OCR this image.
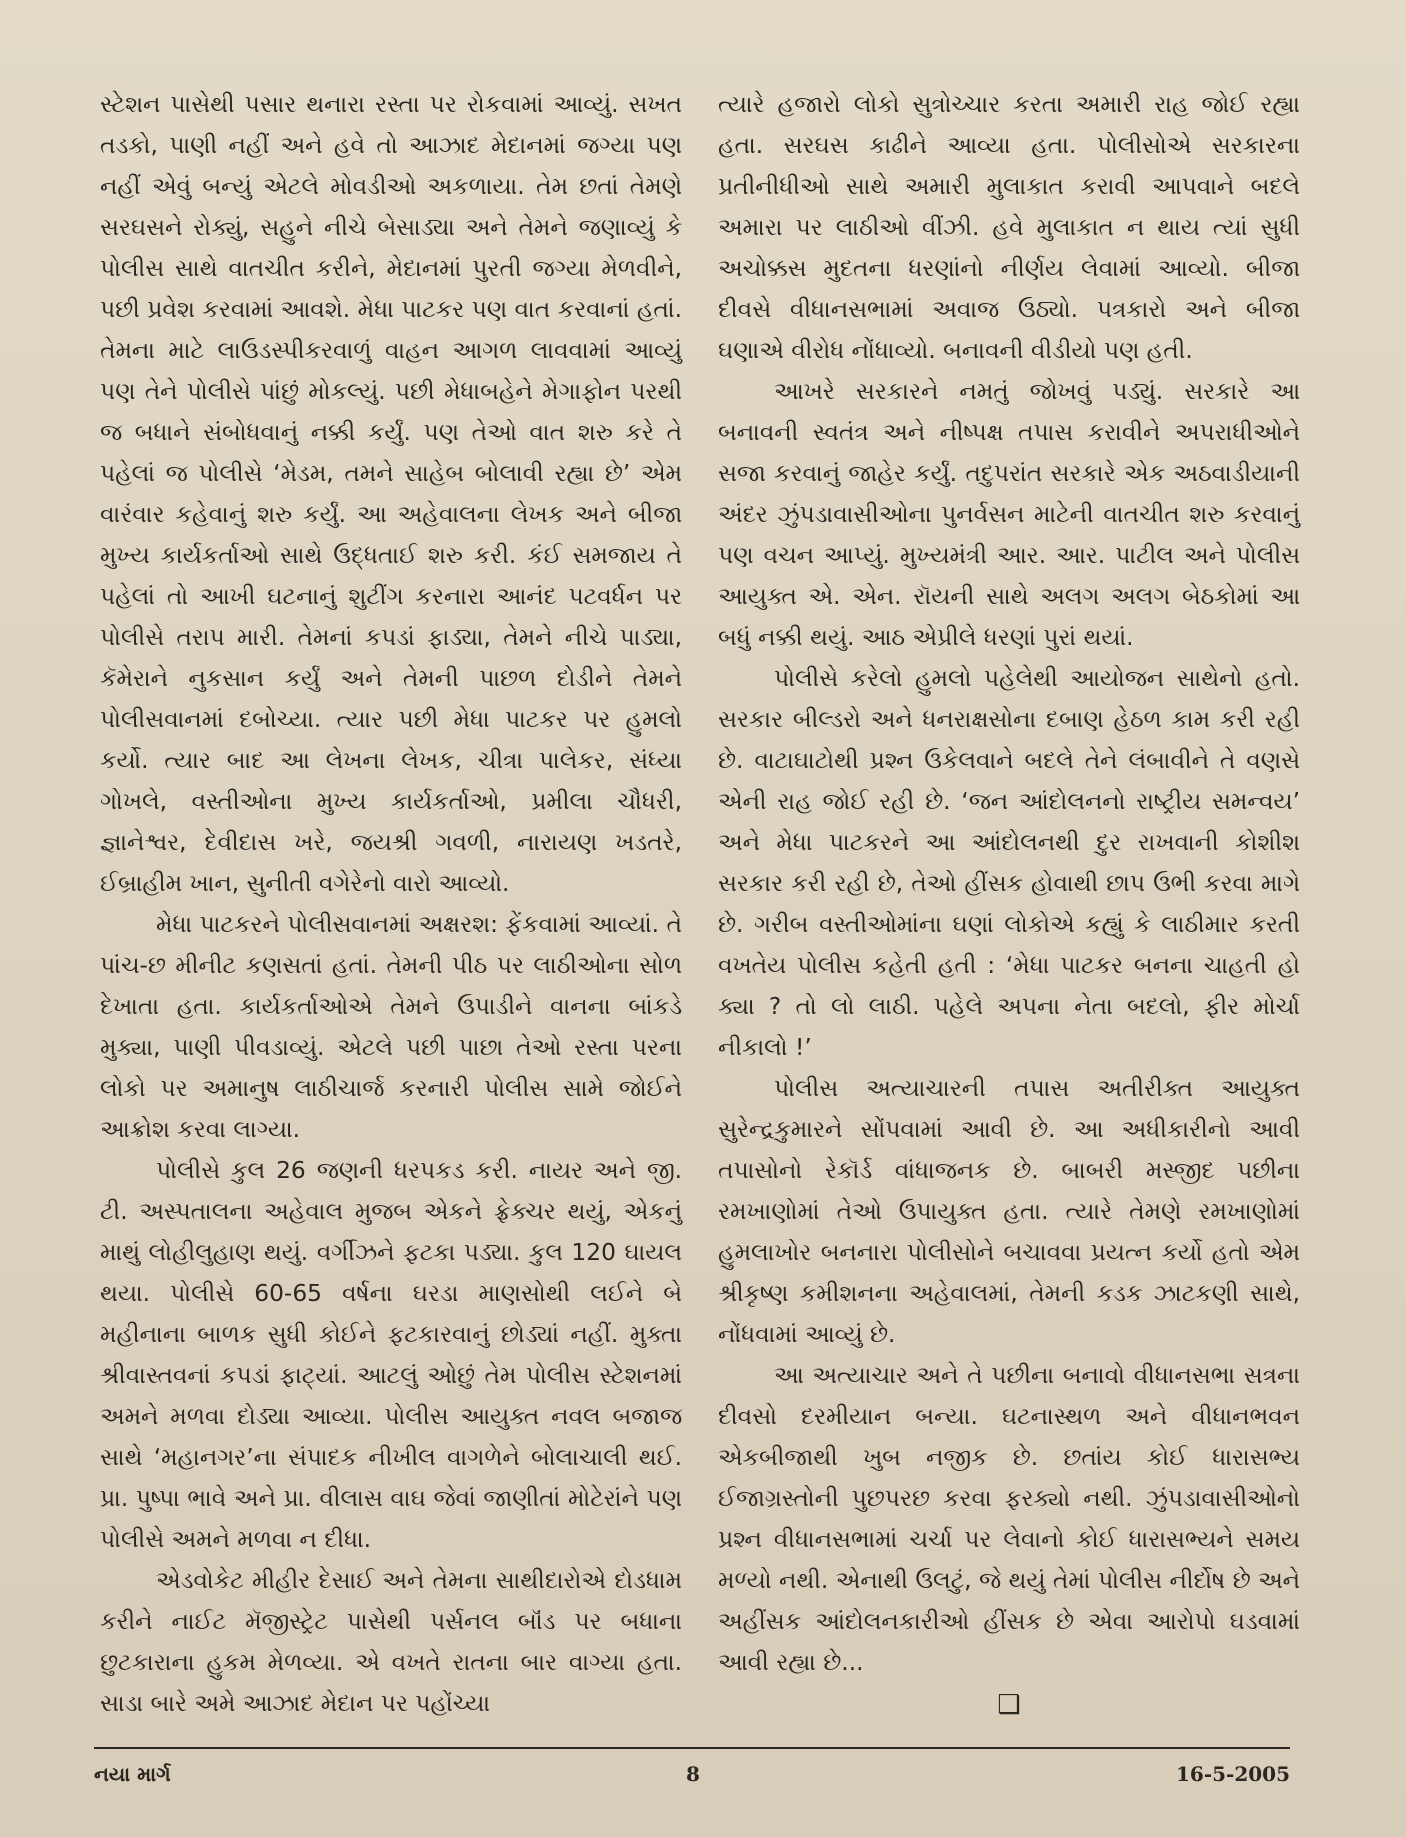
સ્ટેશન પાસેથી પસાર થનારા રસ્તા પર રોકવામાં આવ્યું. સખત તડકો, પાણી નહીં અને હવે તો આઝાદ મેદાનમાં જગ્યા પણ નહીં એવું બન્યું એટલે મોવડીઓ અકળાયા. તેમ છતાં તેમણે સરઘસને રોક્યું, સહુને નીચે બેસાડ્યા અને તેમને જણાવ્યું કે પોલીસ સાથે વાતચીત કરીને, મેદાનમાં પુરતી જગ્યા મેળવીને, પછી પ્રવેશ કરવામાં આવશે. મેધા પાટકર પણ વાત કરવાનાં હતાં. તેમના માટે લાઉડસ્પીકરવાળું વાહન આગળ લાવવામાં આવ્યું પણ તેને પોલીસે પાંછું મોકલ્યું. પછી મેધાબહેને મેગાફોન પરથી જ બધાને સંબોધવાનું નક્કી કર્યું. પણ તેઓ વાત શરુ કરે તે પહેલાં જ પોલીસે ‘મેડમ, તમને સાહેબ બોલાવી રહ્યા છે’ એમ વારંવાર કહેવાનું શરુ કર્યું. આ અહેવાલના લેખક અને બીજા મુખ્ય કાર્યકર્તાઓ સાથે ઉદ્ધતાઈ શરુ કરી. કંઈ સમજાય તે પહેલાં તો આખી ઘટનાનું શુટીંગ કરનારા આનંદ પટવર્ધન પર પોલીસે તરાપ મારી. તેમનાં કપડાં ફાડ્યા, તેમને નીચે પાડ્યા, કૅમેરાને નુકસાન કર્યું અને તેમની પાછળ દોડીને તેમને પોલીસવાનમાં દબોચ્યા. ત્યાર પછી મેધા પાટકર પર હુમલો કર્યો. ત્યાર બાદ આ લેખના લેખક, ચીત્રા પાલેકર, સંધ્યા ગોખલે, વસ્તીઓના મુખ્ય કાર્યકર્તાઓ, પ્રમીલા ચૌધરી, જ્ઞાનેશ્વર, દેવીદાસ ખરે, જયશ્રી ગવળી, નારાયણ ખડતરે, ઈબ્રાહીમ ખાન, સુનીતી વગેરેનો વારો આવ્યો.

મેધા પાટકરને પોલીસવાનમાં અક્ષરશ: ફેંકવામાં આવ્યાં. તે પાંચ-છ મીનીટ કણસતાં હતાં. તેમની પીઠ પર લાઠીઓના સોળ દેખાતા હતા. કાર્યકર્તાઓએ તેમને ઉપાડીને વાનના બાંકડે મુક્યા, પાણી પીવડાવ્યું. એટલે પછી પાછા તેઓ રસ્તા પરના લોકો પર અમાનુષ લાઠીચાર્જ કરનારી પોલીસ સામે જોઈને આક્રોશ કરવા લાગ્યા.

પોલીસે કુલ 26 જણની ધરપકડ કરી. નાયર અને જી. ટી. અસ્પતાલના અહેવાલ મુજબ એકને ફ્રેક્ચર થયું, એકનું માથું લોહીલુહાણ થયું. વર્ગીઝને ફટકા પડ્યા. કુલ 120 ઘાયલ થયા. પોલીસે 60-65 વર્ષના ઘરડા માણસોથી લઈને બે મહીનાના બાળક સુધી કોઈને ફટકારવાનું છોડ્યાં નહીં. મુક્તા શ્રીવાસ્તવનાં કપડાં ફાટ્યાં. આટલું ઓછું તેમ પોલીસ સ્ટેશનમાં અમને મળવા દોડ્યા આવ્યા. પોલીસ આયુક્ત નવલ બજાજ સાથે ‘મહાનગર’ના સંપાદક નીખીલ વાગળેને બોલાચાલી થઈ. પ્રા. પુષ્પા ભાવે અને પ્રા. વીલાસ વાઘ જેવાં જાણીતાં મોટેરાંને પણ પોલીસે અમને મળવા ન દીધા.

એડવોકેટ મીહીર દેસાઈ અને તેમના સાથીદારોએ દોડધામ કરીને નાઈટ મૅજીસ્ટ્રેટ પાસેથી પર્સનલ બૉંડ પર બધાના છુટકારાના હુકમ મેળવ્યા. એ વખતે રાતના બાર વાગ્યા હતા. સાડા બારે અમે આઝાદ મેદાન પર પહોંચ્યા

ત્યારે હજારો લોકો સુત્રોચ્ચાર કરતા અમારી રાહ જોઈ રહ્યા હતા. સરઘસ કાઢીને આવ્યા હતા. પોલીસોએ સરકારના પ્રતીનીધીઓ સાથે અમારી મુલાકાત કરાવી આપવાને બદલે અમારા પર લાઠીઓ વીંઝી. હવે મુલાકાત ન થાય ત્યાં સુધી અચોક્કસ મુદતના ધરણાંનો નીર્ણય લેવામાં આવ્યો. બીજા દીવસે વીધાનસભામાં અવાજ ઉઠ્યો. પત્રકારો અને બીજા ઘણાએ વીરોધ નોંધાવ્યો. બનાવની વીડીયો પણ હતી.

આખરે સરકારને નમતું જોખવું પડ્યું. સરકારે આ બનાવની સ્વતંત્ર અને નીષ્પક્ષ તપાસ કરાવીને અપરાધીઓને સજા કરવાનું જાહેર કર્યું. તદુપરાંત સરકારે એક અઠવાડીયાની અંદર ઝુંપડાવાસીઓના પુનર્વસન માટેની વાતચીત શરુ કરવાનું પણ વચન આપ્યું. મુખ્યમંત્રી આર. આર. પાટીલ અને પોલીસ આયુક્ત એ. એન. રૉયની સાથે અલગ અલગ બેઠકોમાં આ બધું નક્કી થયું. આઠ એપ્રીલે ધરણાં પુરાં થયાં.

પોલીસે કરેલો હુમલો પહેલેથી આયોજન સાથેનો હતો. સરકાર બીલ્ડરો અને ધનરાક્ષસોના દબાણ હેઠળ કામ કરી રહી છે. વાટાઘાટોથી પ્રશ્ન ઉકેલવાને બદલે તેને લંબાવીને તે વણસે એની રાહ જોઈ રહી છે. ‘જન આંદોલનનો રાષ્ટ્રીય સમન્વય’ અને મેધા પાટકરને આ આંદોલનથી દુર રાખવાની કોશીશ સરકાર કરી રહી છે, તેઓ હીંસક હોવાથી છાપ ઉભી કરવા માગે છે. ગરીબ વસ્તીઓમાંના ઘણાં લોકોએ કહ્યું કે લાઠીમાર કરતી વખતેય પોલીસ કહેતી હતી : ‘મેધા પાટકર બનના ચાહતી હો ક્યા ? તો લો લાઠી. પહેલે અપના નેતા બદલો, ફીર મોર્ચા નીકાલો !’

પોલીસ અત્યાચારની તપાસ અતીરીક્ત આયુક્ત સુરેન્દ્રકુમારને સોંપવામાં આવી છે. આ અધીકારીનો આવી તપાસોનો રેકૉર્ડ વાંધાજનક છે. બાબરી મસ્જીદ પછીના રમખાણોમાં તેઓ ઉપાયુક્ત હતા. ત્યારે તેમણે રમખાણોમાં હુમલાખોર બનનારા પોલીસોને બચાવવા પ્રયત્ન કર્યો હતો એમ શ્રીકૃષ્ણ કમીશનના અહેવાલમાં, તેમની કડક ઝાટકણી સાથે, નોંધવામાં આવ્યું છે.

આ અત્યાચાર અને તે પછીના બનાવો વીધાનસભા સત્રના દીવસો દરમીયાન બન્યા. ઘટનાસ્થળ અને વીધાનભવન એકબીજાથી ખુબ નજીક છે. છતાંય કોઈ ધારાસભ્ય ઈજાગ્રસ્તોની પુછપરછ કરવા ફરક્યો નથી. ઝુંપડાવાસીઓનો પ્રશ્ન વીધાનસભામાં ચર્ચા પર લેવાનો કોઈ ધારાસભ્યને સમય મળ્યો નથી. એનાથી ઉલટું, જે થયું તેમાં પોલીસ નીર્દોષ છે અને અહીંસક આંદોલનકારીઓ હીંસક છે એવા આરોપો ઘડવામાં આવી રહ્યા છે...

❑
નયા માર્ગ	8	16-5-2005
